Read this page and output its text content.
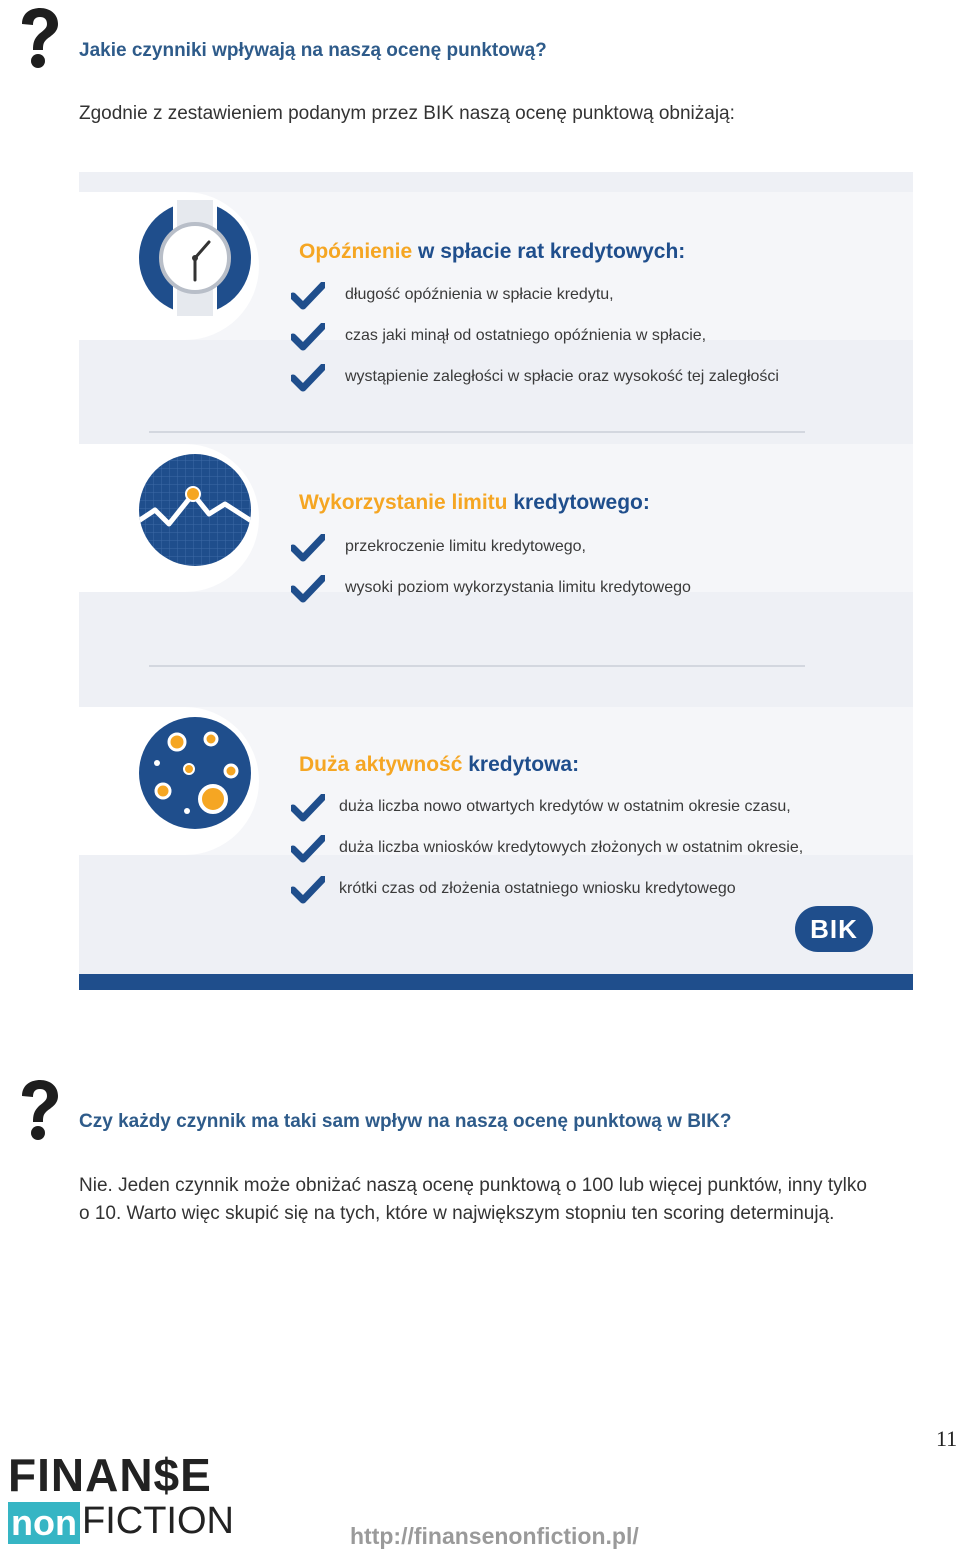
Jakie czynniki wpływają na naszą ocenę punktową?
Zgodnie z zestawieniem podanym przez BIK naszą ocenę punktową obniżają:
Opóźnienie w spłacie rat kredytowych:
długość opóźnienia w spłacie kredytu,
czas jaki minął od ostatniego opóźnienia w spłacie,
wystąpienie zaległości w spłacie oraz wysokość tej zaległości
Wykorzystanie limitu kredytowego:
przekroczenie limitu kredytowego,
wysoki poziom wykorzystania limitu kredytowego
Duża aktywność kredytowa:
duża liczba nowo otwartych kredytów w ostatnim okresie czasu,
duża liczba wniosków kredytowych złożonych w ostatnim okresie,
krótki czas od złożenia ostatniego wniosku kredytowego
BIK
Czy każdy czynnik ma taki sam wpływ na naszą ocenę punktową w BIK?
Nie. Jeden czynnik może obniżać naszą ocenę punktową o 100 lub więcej punktów, inny tylko
o 10. Warto więc skupić się na tych, które w największym stopniu ten scoring determinują.
11
FINAN$E
non FICTION	http://finansenonfiction.pl/
